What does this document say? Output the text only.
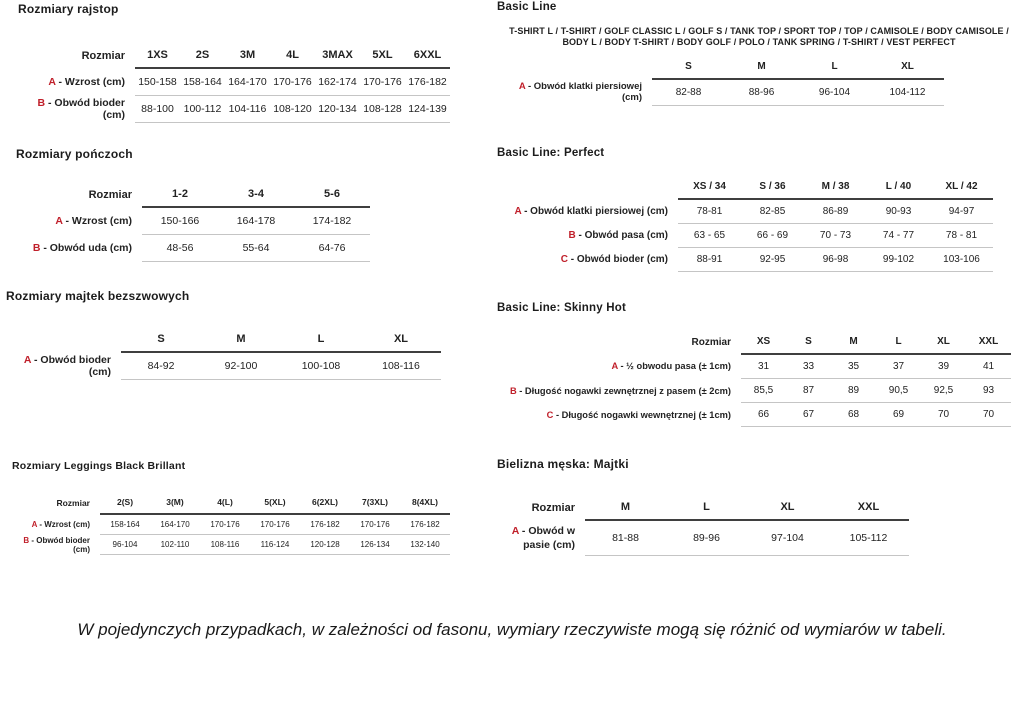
Rozmiary rajstop
Rozmiar	1XS	2S	3M	4L	3MAX	5XL	6XXL
A - Wzrost (cm)	150-158	158-164	164-170	170-176	162-174	170-176	176-182
B - Obwód bioder (cm)	88-100	100-112	104-116	108-120	120-134	108-128	124-139
Rozmiary pończoch
Rozmiar	1-2	3-4	5-6
A - Wzrost (cm)	150-166	164-178	174-182
B - Obwód uda (cm)	48-56	55-64	64-76
Rozmiary majtek bezszwowych
	S	M	L	XL
A - Obwód bioder (cm)	84-92	92-100	100-108	108-116
Rozmiary Leggings Black Brillant
Rozmiar	2(S)	3(M)	4(L)	5(XL)	6(2XL)	7(3XL)	8(4XL)
A - Wzrost (cm)	158-164	164-170	170-176	170-176	176-182	170-176	176-182
B - Obwód bioder (cm)	96-104	102-110	108-116	116-124	120-128	126-134	132-140
Basic Line

T-SHIRT L / T-SHIRT / GOLF CLASSIC L / GOLF S / TANK TOP / SPORT TOP / TOP / CAMISOLE / BODY CAMISOLE / BODY L / BODY T-SHIRT / BODY GOLF / POLO / TANK SPRING / T-SHIRT / VEST PERFECT

	S	M	L	XL
A - Obwód klatki piersiowej (cm)	82-88	88-96	96-104	104-112
Basic Line: Perfect
	XS / 34	S / 36	M / 38	L / 40	XL / 42
A - Obwód klatki piersiowej (cm)	78-81	82-85	86-89	90-93	94-97
B - Obwód pasa (cm)	63 - 65	66 - 69	70 - 73	74 - 77	78 - 81
C - Obwód bioder (cm)	88-91	92-95	96-98	99-102	103-106
Basic Line: Skinny Hot
Rozmiar	XS	S	M	L	XL	XXL
A - ½ obwodu pasa (± 1cm)	31	33	35	37	39	41
B - Długość nogawki zewnętrznej z pasem (± 2cm)	85,5	87	89	90,5	92,5	93
C - Długość nogawki wewnętrznej (± 1cm)	66	67	68	69	70	70
Bielizna męska: Majtki
Rozmiar	M	L	XL	XXL
A - Obwód w pasie (cm)	81-88	89-96	97-104	105-112
W pojedynczych przypadkach, w zależności od fasonu, wymiary rzeczywiste mogą się różnić od wymiarów w tabeli.
